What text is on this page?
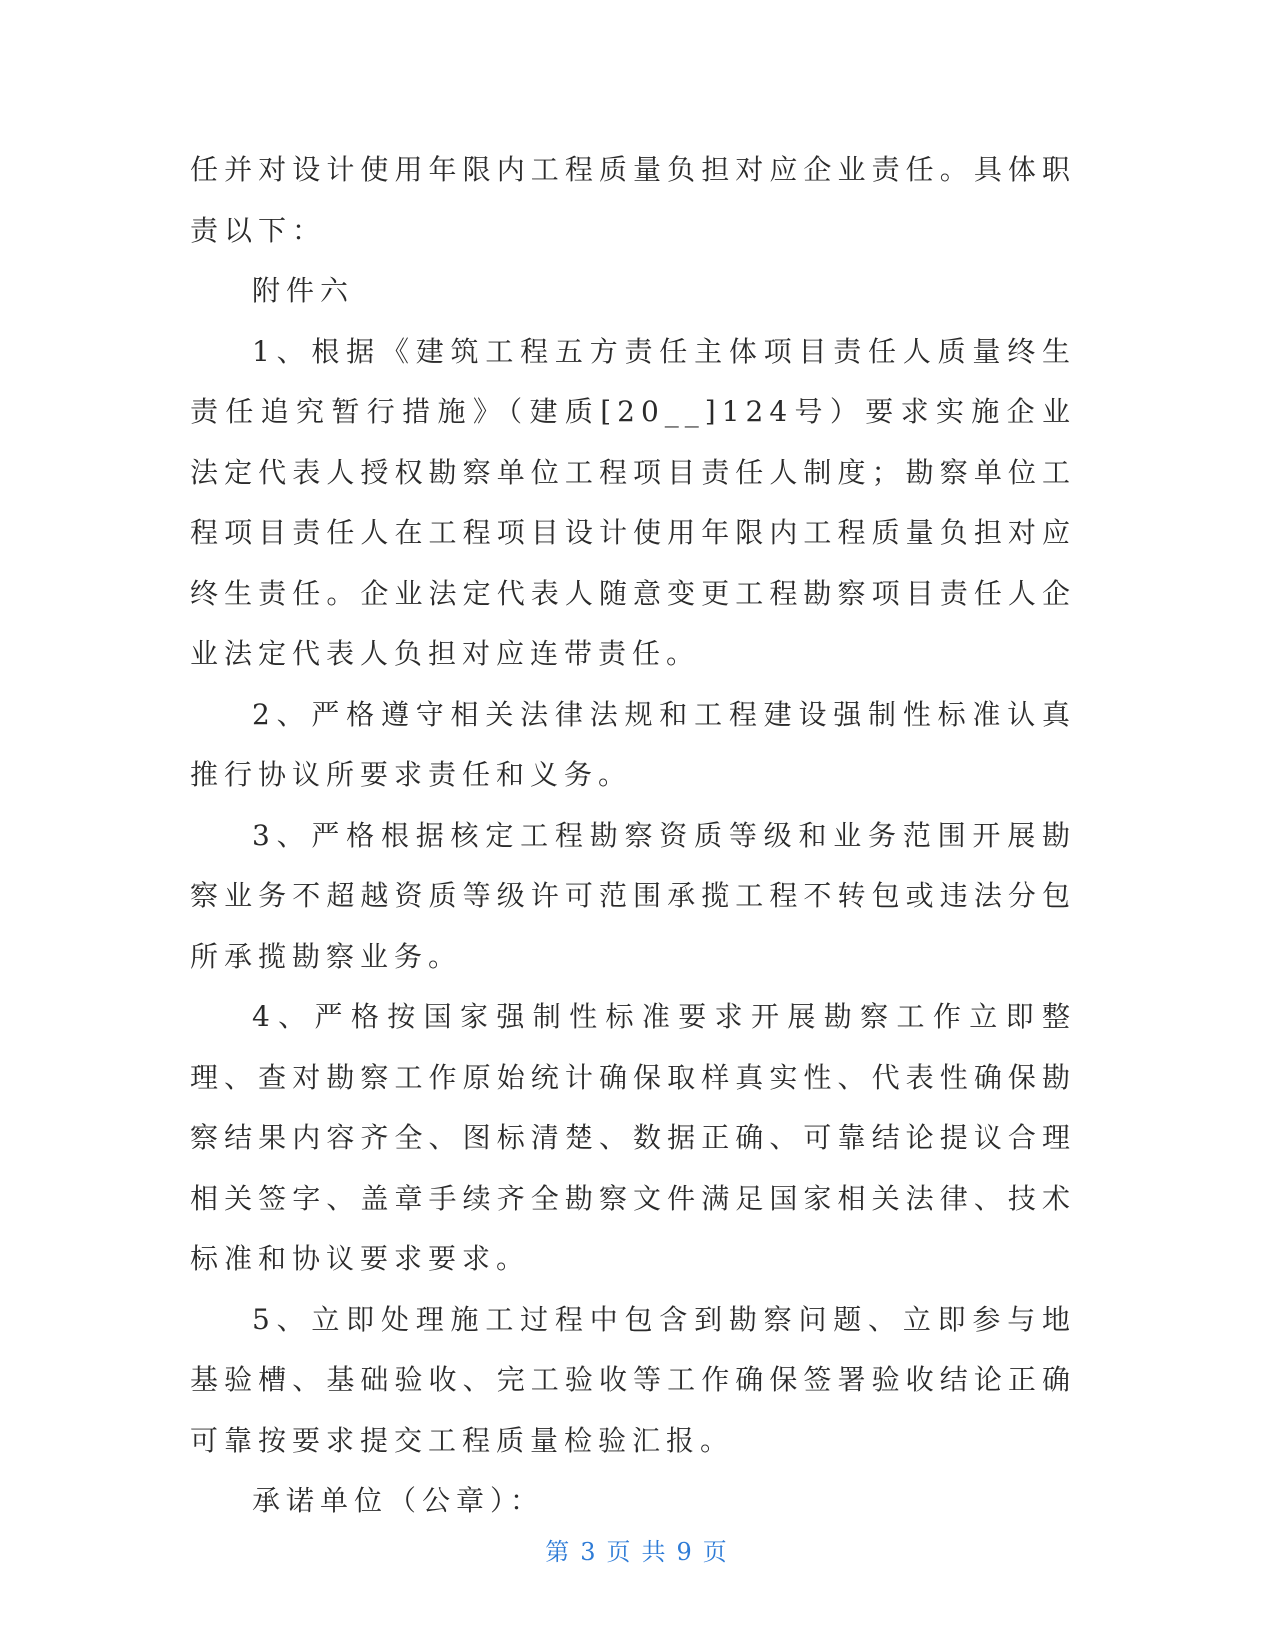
任并对设计使用年限内工程质量负担对应企业责任。具体职责以下：

附件六

1、根据《建筑工程五方责任主体项目责任人质量终生责任追究暂行措施》（建质[20__]124号）要求实施企业法定代表人授权勘察单位工程项目责任人制度；勘察单位工程项目责任人在工程项目设计使用年限内工程质量负担对应终生责任。企业法定代表人随意变更工程勘察项目责任人企业法定代表人负担对应连带责任。

2、严格遵守相关法律法规和工程建设强制性标准认真推行协议所要求责任和义务。

3、严格根据核定工程勘察资质等级和业务范围开展勘察业务不超越资质等级许可范围承揽工程不转包或违法分包所承揽勘察业务。

4、严格按国家强制性标准要求开展勘察工作立即整理、查对勘察工作原始统计确保取样真实性、代表性确保勘察结果内容齐全、图标清楚、数据正确、可靠结论提议合理相关签字、盖章手续齐全勘察文件满足国家相关法律、技术标准和协议要求要求。

5、立即处理施工过程中包含到勘察问题、立即参与地基验槽、基础验收、完工验收等工作确保签署验收结论正确可靠按要求提交工程质量检验汇报。

承诺单位（公章）：

第 3 页 共 9 页
